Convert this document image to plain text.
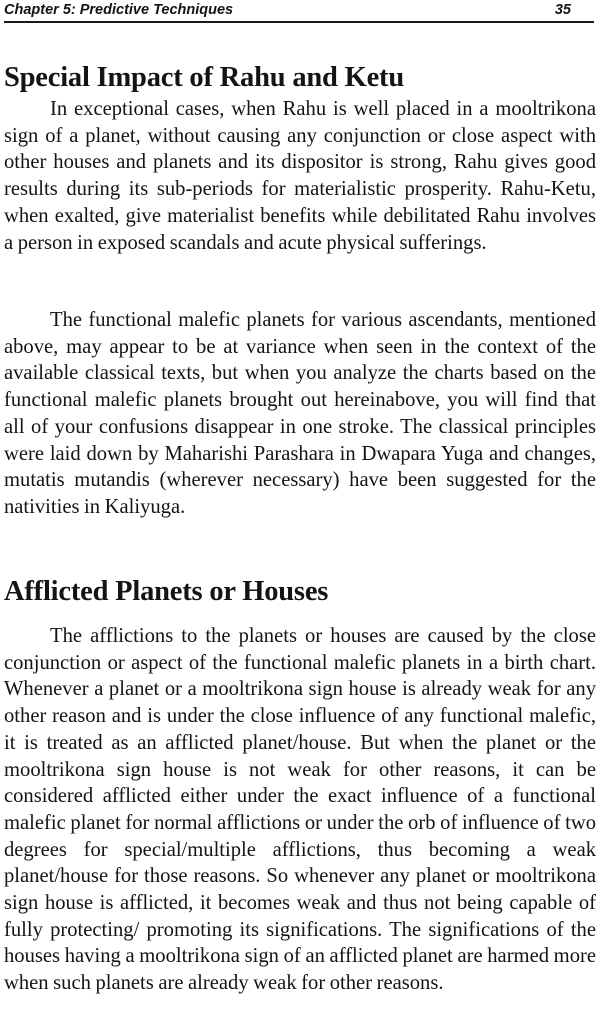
Chapter 5: Predictive Techniques	35
Special Impact of Rahu and Ketu

In exceptional cases, when Rahu is well placed in a mooltrikona sign of a planet, without causing any conjunction or close aspect with other houses and planets and its dispositor is strong, Rahu gives good results during its sub-periods for materialistic prosperity. Rahu-Ketu, when exalted, give materialist benefits while debilitated Rahu involves a person in exposed scandals and acute physical sufferings.

The functional malefic planets for various ascendants, mentioned above, may appear to be at variance when seen in the context of the available classical texts, but when you analyze the charts based on the functional malefic planets brought out hereinabove, you will find that all of your confusions disappear in one stroke. The classical principles were laid down by Maharishi Parashara in Dwapara Yuga and changes, mutatis mutandis (wherever necessary) have been suggested for the nativities in Kaliyuga.

Afflicted Planets or Houses

The afflictions to the planets or houses are caused by the close conjunction or aspect of the functional malefic planets in a birth chart. Whenever a planet or a mooltrikona sign house is already weak for any other reason and is under the close influence of any functional malefic, it is treated as an afflicted planet/house. But when the planet or the mooltrikona sign house is not weak for other reasons, it can be considered afflicted either under the exact influence of a functional malefic planet for normal afflictions or under the orb of influence of two degrees for special/multiple afflictions, thus becoming a weak planet/house for those reasons. So whenever any planet or mooltrikona sign house is afflicted, it becomes weak and thus not being capable of fully protecting/ promoting its significations. The significations of the houses having a mooltrikona sign of an afflicted planet are harmed more when such planets are already weak for other reasons.
